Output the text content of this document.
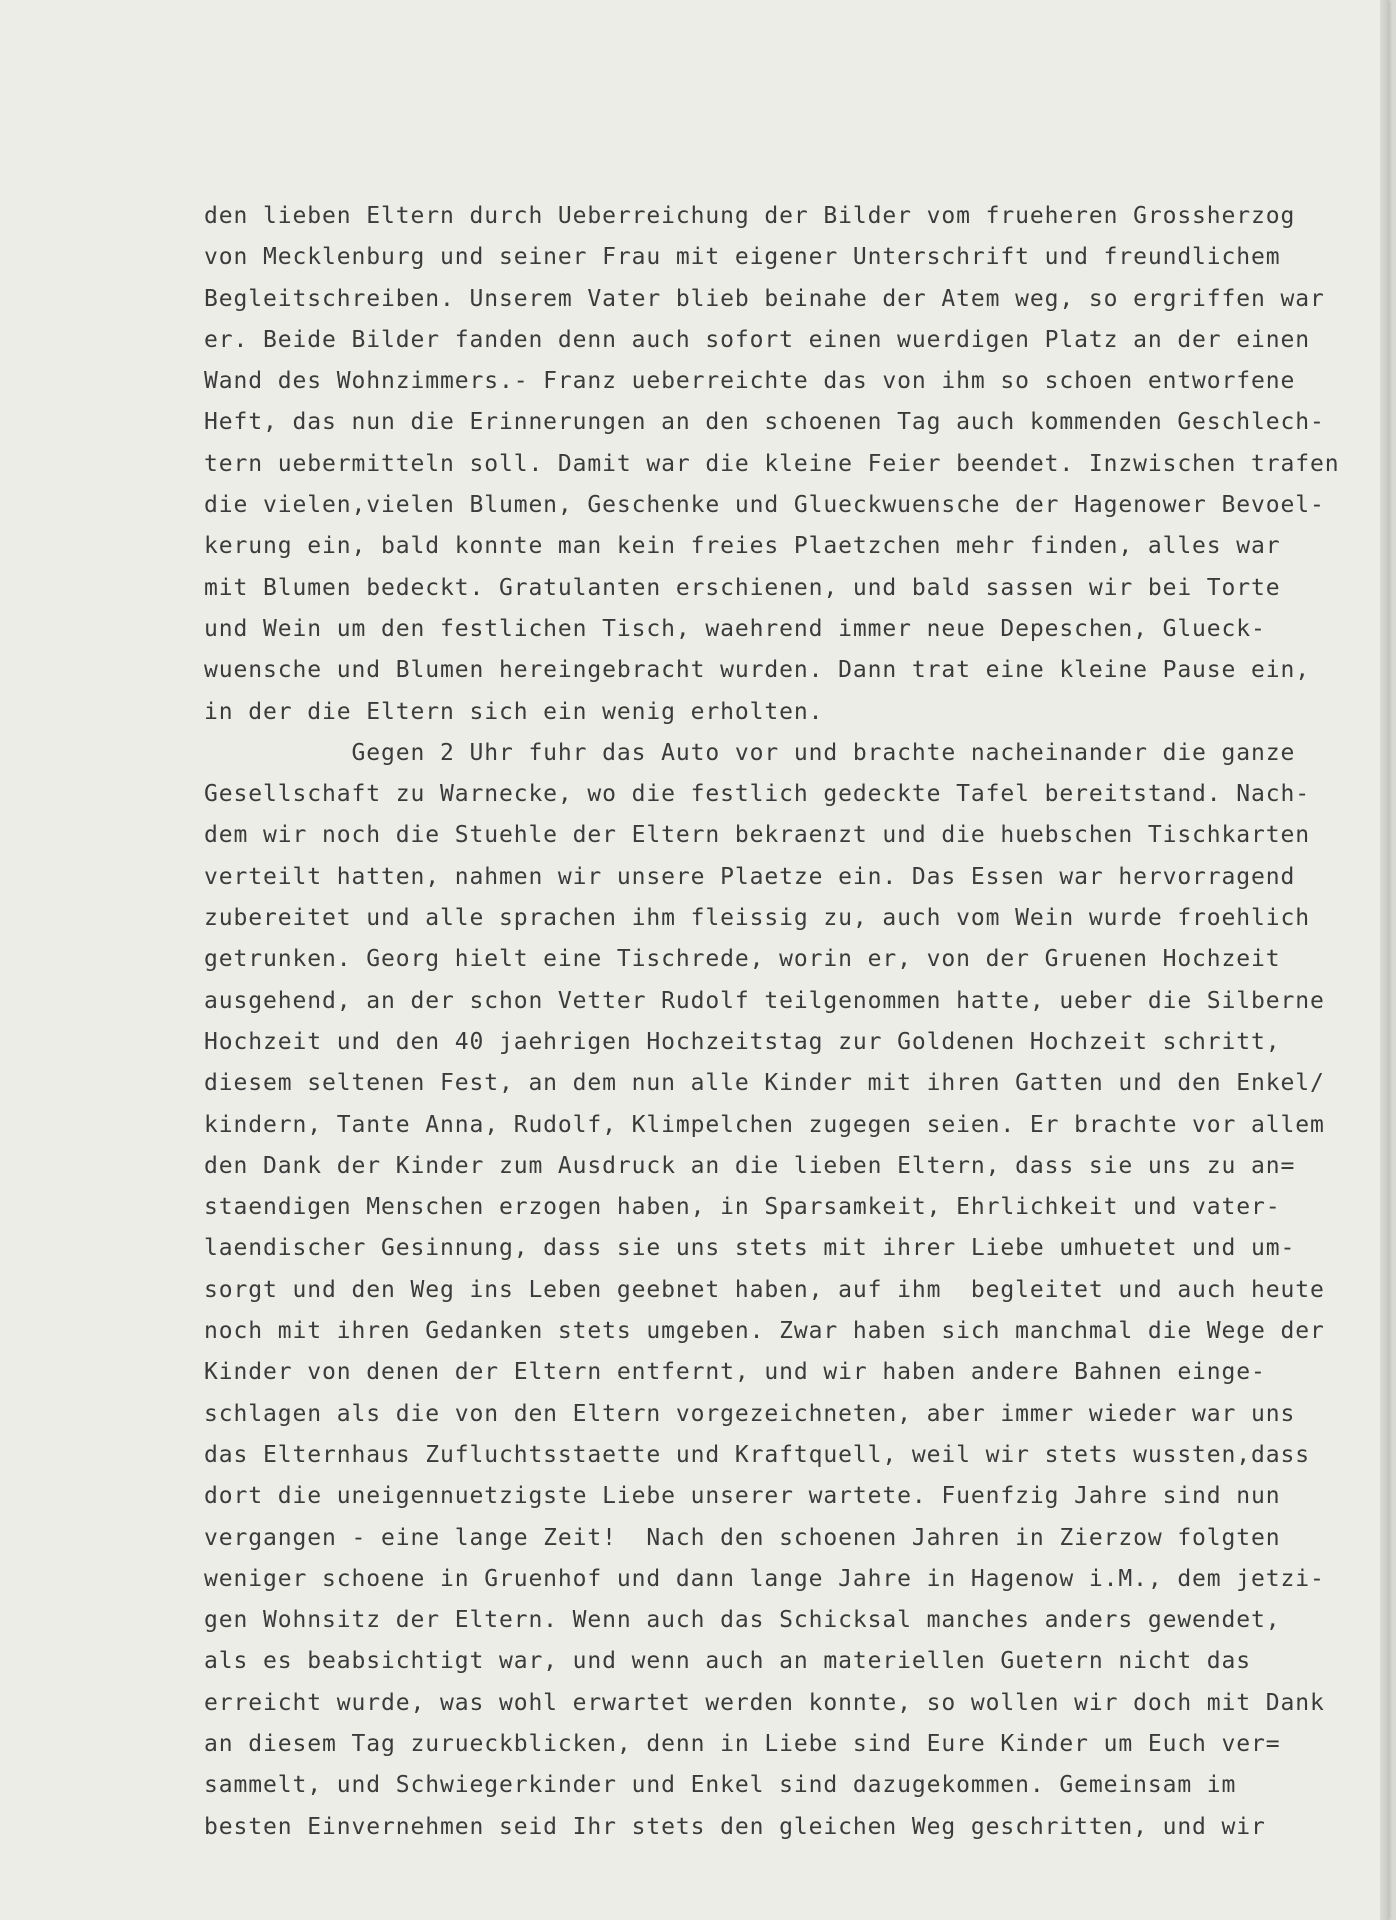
den lieben Eltern durch Ueberreichung der Bilder vom frueheren Grossherzog
von Mecklenburg und seiner Frau mit eigener Unterschrift und freundlichem
Begleitschreiben. Unserem Vater blieb beinahe der Atem weg, so ergriffen war
er. Beide Bilder fanden denn auch sofort einen wuerdigen Platz an der einen
Wand des Wohnzimmers.- Franz ueberreichte das von ihm so schoen entworfene
Heft, das nun die Erinnerungen an den schoenen Tag auch kommenden Geschlech-
tern uebermitteln soll. Damit war die kleine Feier beendet. Inzwischen trafen
die vielen,vielen Blumen, Geschenke und Glueckwuensche der Hagenower Bevoel-
kerung ein, bald konnte man kein freies Plaetzchen mehr finden, alles war
mit Blumen bedeckt. Gratulanten erschienen, und bald sassen wir bei Torte
und Wein um den festlichen Tisch, waehrend immer neue Depeschen, Glueck-
wuensche und Blumen hereingebracht wurden. Dann trat eine kleine Pause ein,
in der die Eltern sich ein wenig erholten.
Gegen 2 Uhr fuhr das Auto vor und brachte nacheinander die ganze
Gesellschaft zu Warnecke, wo die festlich gedeckte Tafel bereitstand. Nach-
dem wir noch die Stuehle der Eltern bekraenzt und die huebschen Tischkarten
verteilt hatten, nahmen wir unsere Plaetze ein. Das Essen war hervorragend
zubereitet und alle sprachen ihm fleissig zu, auch vom Wein wurde froehlich
getrunken. Georg hielt eine Tischrede, worin er, von der Gruenen Hochzeit
ausgehend, an der schon Vetter Rudolf teilgenommen hatte, ueber die Silberne
Hochzeit und den 40 jaehrigen Hochzeitstag zur Goldenen Hochzeit schritt,
diesem seltenen Fest, an dem nun alle Kinder mit ihren Gatten und den Enkel/
kindern, Tante Anna, Rudolf, Klimpelchen zugegen seien. Er brachte vor allem
den Dank der Kinder zum Ausdruck an die lieben Eltern, dass sie uns zu an=
staendigen Menschen erzogen haben, in Sparsamkeit, Ehrlichkeit und vater-
laendischer Gesinnung, dass sie uns stets mit ihrer Liebe umhuetet und um-
sorgt und den Weg ins Leben geebnet haben, auf ihm  begleitet und auch heute
noch mit ihren Gedanken stets umgeben. Zwar haben sich manchmal die Wege der
Kinder von denen der Eltern entfernt, und wir haben andere Bahnen einge-
schlagen als die von den Eltern vorgezeichneten, aber immer wieder war uns
das Elternhaus Zufluchtsstaette und Kraftquell, weil wir stets wussten,dass
dort die uneigennuetzigste Liebe unserer wartete. Fuenfzig Jahre sind nun
vergangen - eine lange Zeit!  Nach den schoenen Jahren in Zierzow folgten
weniger schoene in Gruenhof und dann lange Jahre in Hagenow i.M., dem jetzi-
gen Wohnsitz der Eltern. Wenn auch das Schicksal manches anders gewendet,
als es beabsichtigt war, und wenn auch an materiellen Guetern nicht das
erreicht wurde, was wohl erwartet werden konnte, so wollen wir doch mit Dank
an diesem Tag zurueckblicken, denn in Liebe sind Eure Kinder um Euch ver=
sammelt, und Schwiegerkinder und Enkel sind dazugekommen. Gemeinsam im
besten Einvernehmen seid Ihr stets den gleichen Weg geschritten, und wir
